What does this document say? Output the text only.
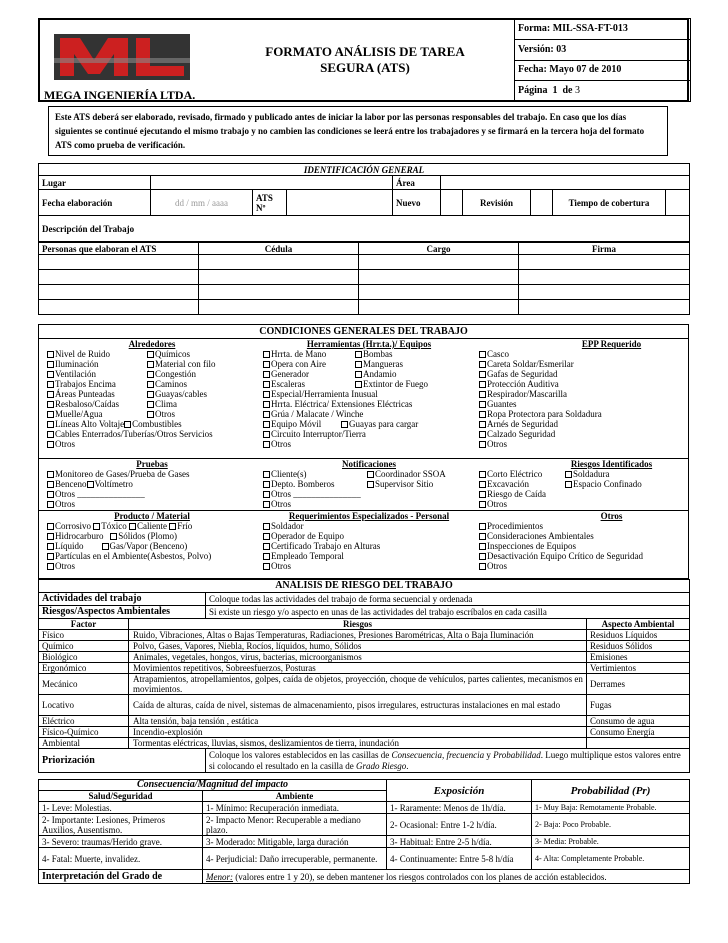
MEGA INGENIERÍA LTDA.
FORMATO ANÁLISIS DE TAREA
SEGURA (ATS)
Forma: MIL-SSA-FT-013
Versión: 03
Fecha: Mayo 07 de 2010
Página 1 de 3
Este ATS deberá ser elaborado, revisado, firmado y publicado antes de iniciar la labor por las personas responsables del trabajo. En caso que los días siguientes se continué ejecutando el mismo trabajo y no cambien las condiciones se leerá entre los trabajadores y se firmará en la tercera hoja del formato ATS como prueba de verificación.
IDENTIFICACIÓN GENERAL									
Lugar				Área					
Fecha elaboración	dd / mm / aaaa	ATS Nº		Nuevo		Revisión		Tiempo de cobertura	
Descripción del Trabajo									
Personas que elaboran el ATS	Cédula	Cargo	Firma

CONDICIONES GENERALES DEL TRABAJO
Alrededores
Nivel de Ruido	Químicos
Iluminación	Material con filo
Ventilación	Congestión
Trabajos Encima	Caminos
Áreas Punteadas	Guayas/cables
Resbaloso/Caídas	Clima
Muelle/Agua	Otros
Líneas Alto Voltaje Combustibles
Cables Enterrados/Tuberías/Otros Servicios
Otros
Pruebas
Monitoreo de Gases/Prueba de Gases
Benceno Voltímetro
Otros _______________
Otros
Producto / Material
Corrosivo Tóxico Caliente Frío
Hidrocarburo Sólidos (Plomo)
Líquido	Gas/Vapor (Benceno)
Partículas en el Ambiente(Asbestos, Polvo)
Otros
Herramientas (Hrr.ta.)/ Equipos
Hrrta. de Mano	Bombas
Opera con Aire	Mangueras
Generador	Andamio
Escaleras	Extintor de Fuego
Especial/Herramienta Inusual
Hrrta. Eléctrica/ Extensiones Eléctricas
Grúa / Malacate / Winche
Equipo Móvil	Guayas para cargar
Circuito Interruptor/Tierra
Otros
Notificaciones
Cliente(s)	Coordinador SSOA
Depto. Bomberos	Supervisor Sitio
Otros _______________
Otros
Requerimientos Especializados - Personal
Soldador
Operador de Equipo
Certificado Trabajo en Alturas
Empleado Temporal
Otros
EPP Requerido
Casco
Careta Soldar/Esmerilar
Gafas de Seguridad
Protección Auditiva
Respirador/Mascarilla
Guantes
Ropa Protectora para Soldadura
Arnés de Seguridad
Calzado Seguridad
Otros
Riesgos Identificados
Corto Eléctrico	Soldadura
Excavación	Espacio Confinado
Riesgo de Caída
Otros
Otros
Procedimientos
Consideraciones Ambientales
Inspecciones de Equipos
Desactivación Equipo Crítico de Seguridad
Otros
ANÁLISIS DE RIESGO DEL TRABAJO			
Actividades del trabajo		Coloque todas las actividades del trabajo de forma secuencial y ordenada	
Riesgos/Aspectos Ambientales		Si existe un riesgo y/o aspecto en unas de las actividades del trabajo escríbalos en cada casilla	
Factor	Riesgos		Aspecto Ambiental
Físico	Ruido, Vibraciones, Altas o Bajas Temperaturas, Radiaciones, Presiones Barométricas, Alta o Baja Iluminación		Residuos Líquidos
Químico	Polvo, Gases, Vapores, Niebla, Rocíos, líquidos, humo, Sólidos		Residuos Sólidos
Biológico	Animales, vegetales, hongos, virus, bacterias, microorganismos		Emisiones
Ergonómico	Movimientos repetitivos, Sobreesfuerzos, Posturas		Vertimientos
Mecánico	Atrapamientos, atropellamientos, golpes, caída de objetos, proyección, choque de vehículos, partes calientes, mecanismos en movimientos.		Derrames
Locativo	Caída de alturas, caída de nivel, sistemas de almacenamiento, pisos irregulares, estructuras instalaciones en mal estado		Fugas
Eléctrico	Alta tensión, baja tensión , estática		Consumo de agua
Físico-Químico	Incendio-explosión		Consumo Energía
Ambiental	Tormentas eléctricas, lluvias, sismos, deslizamientos de tierra, inundación		
Priorización		Coloque los valores establecidos en las casillas de Consecuencia, frecuencia y Probabilidad. Luego multiplique estos valores entre si colocando el resultado en la casilla de Grado Riesgo.	
Consecuencia/Magnitud del impacto		Exposición	Probabilidad (Pr)
Salud/Seguridad	Ambiente		
1- Leve: Molestias.	1- Mínimo: Recuperación inmediata.	1- Raramente: Menos de 1h/día.	1- Muy Baja: Remotamente Probable.
2- Importante: Lesiones, Primeros Auxilios, Ausentismo.	2- Impacto Menor: Recuperable a mediano plazo.	2- Ocasional: Entre 1-2 h/día.	2- Baja: Poco Probable.
3- Severo: traumas/Herido grave.	3- Moderado: Mitigable, larga duración	3- Habitual: Entre 2-5 h/día.	3- Media: Probable.
4- Fatal: Muerte, invalidez.	4- Perjudicial: Daño irrecuperable, permanente.	4- Continuamente: Entre 5-8 h/día	4- Alta: Completamente Probable.
Interpretación del Grado de	Menor: (valores entre 1 y 20), se deben mantener los riesgos controlados con los planes de acción establecidos.		
